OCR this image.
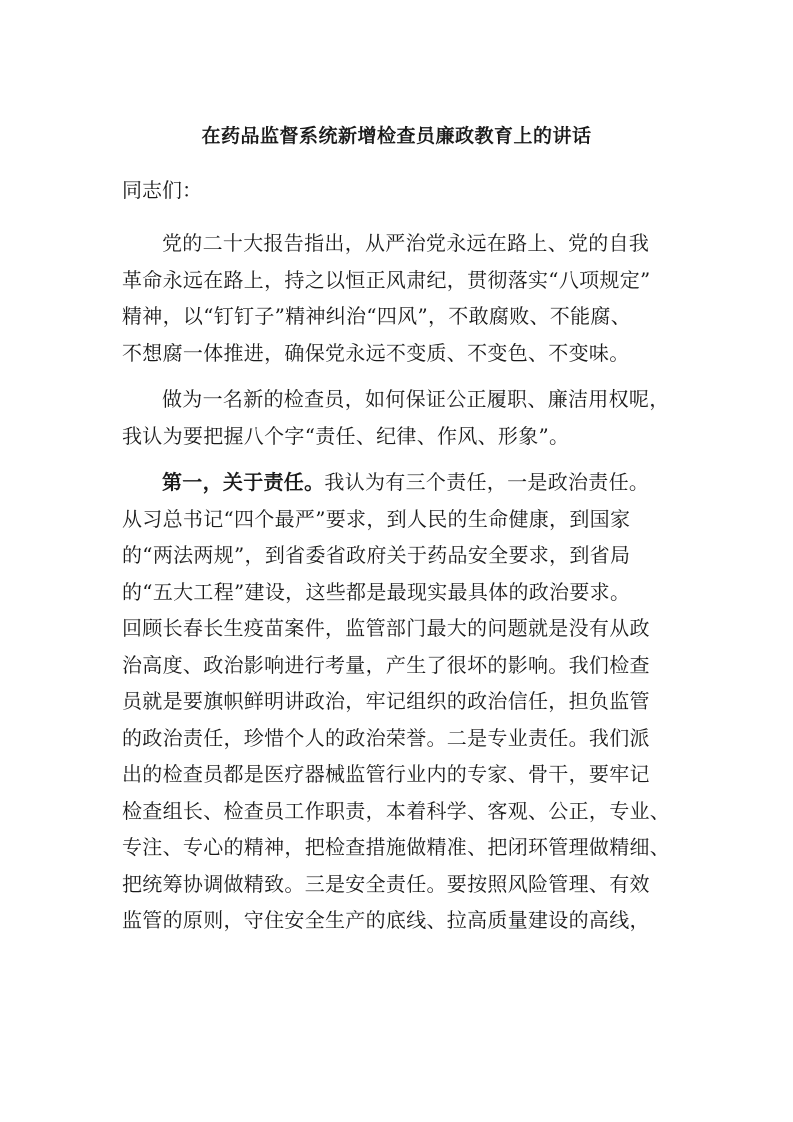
在药品监督系统新增检查员廉政教育上的讲话
同志们：
党的二十大报告指出，从严治党永远在路上、党的自我
革命永远在路上，持之以恒正风肃纪，贯彻落实“八项规定”
精神，以“钉钉子”精神纠治“四风”，不敢腐败、不能腐、
不想腐一体推进，确保党永远不变质、不变色、不变味。
做为一名新的检查员，如何保证公正履职、廉洁用权呢，
我认为要把握八个字“责任、纪律、作风、形象”。
第一，关于责任。我认为有三个责任，一是政治责任。
从习总书记“四个最严”要求，到人民的生命健康，到国家
的“两法两规”，到省委省政府关于药品安全要求，到省局
的“五大工程”建设，这些都是最现实最具体的政治要求。
回顾长春长生疫苗案件，监管部门最大的问题就是没有从政
治高度、政治影响进行考量，产生了很坏的影响。我们检查
员就是要旗帜鲜明讲政治，牢记组织的政治信任，担负监管
的政治责任，珍惜个人的政治荣誉。二是专业责任。我们派
出的检查员都是医疗器械监管行业内的专家、骨干，要牢记
检查组长、检查员工作职责，本着科学、客观、公正，专业、
专注、专心的精神，把检查措施做精准、把闭环管理做精细、
把统筹协调做精致。三是安全责任。要按照风险管理、有效
监管的原则，守住安全生产的底线、拉高质量建设的高线，
